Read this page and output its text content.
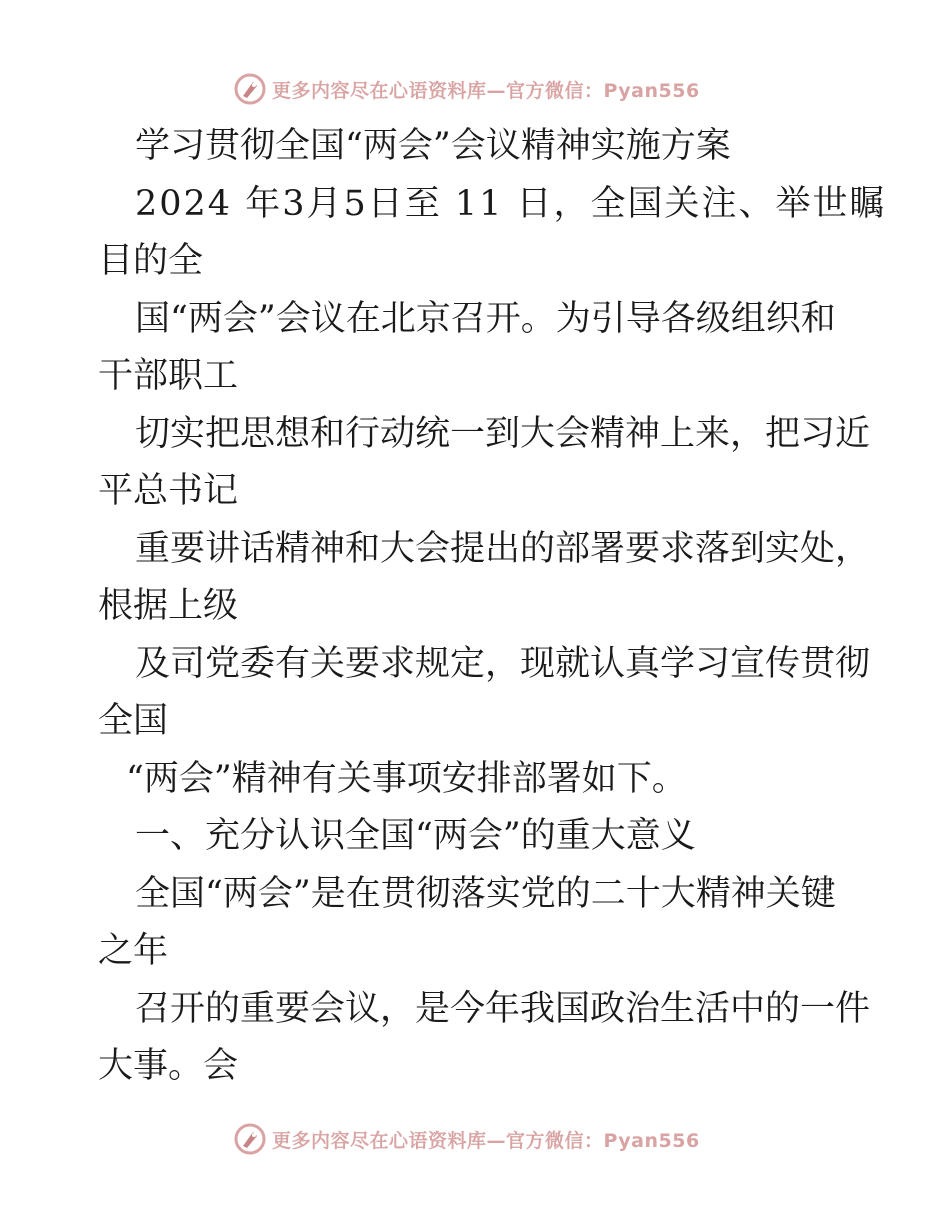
更多内容尽在心语资料库—官方微信：Pyan556
学习贯彻全国“两会”会议精神实施方案
2024 年3月5日至 11 日，全国关注、举世瞩
目的全
国“两会”会议在北京召开。为引导各级组织和
干部职工
切实把思想和行动统一到大会精神上来，把习近
平总书记
重要讲话精神和大会提出的部署要求落到实处，
根据上级
及司党委有关要求规定，现就认真学习宣传贯彻
全国
“两会”精神有关事项安排部署如下。
一、充分认识全国“两会”的重大意义
全国“两会”是在贯彻落实党的二十大精神关键
之年
召开的重要会议，是今年我国政治生活中的一件
大事。会
更多内容尽在心语资料库—官方微信：Pyan556
